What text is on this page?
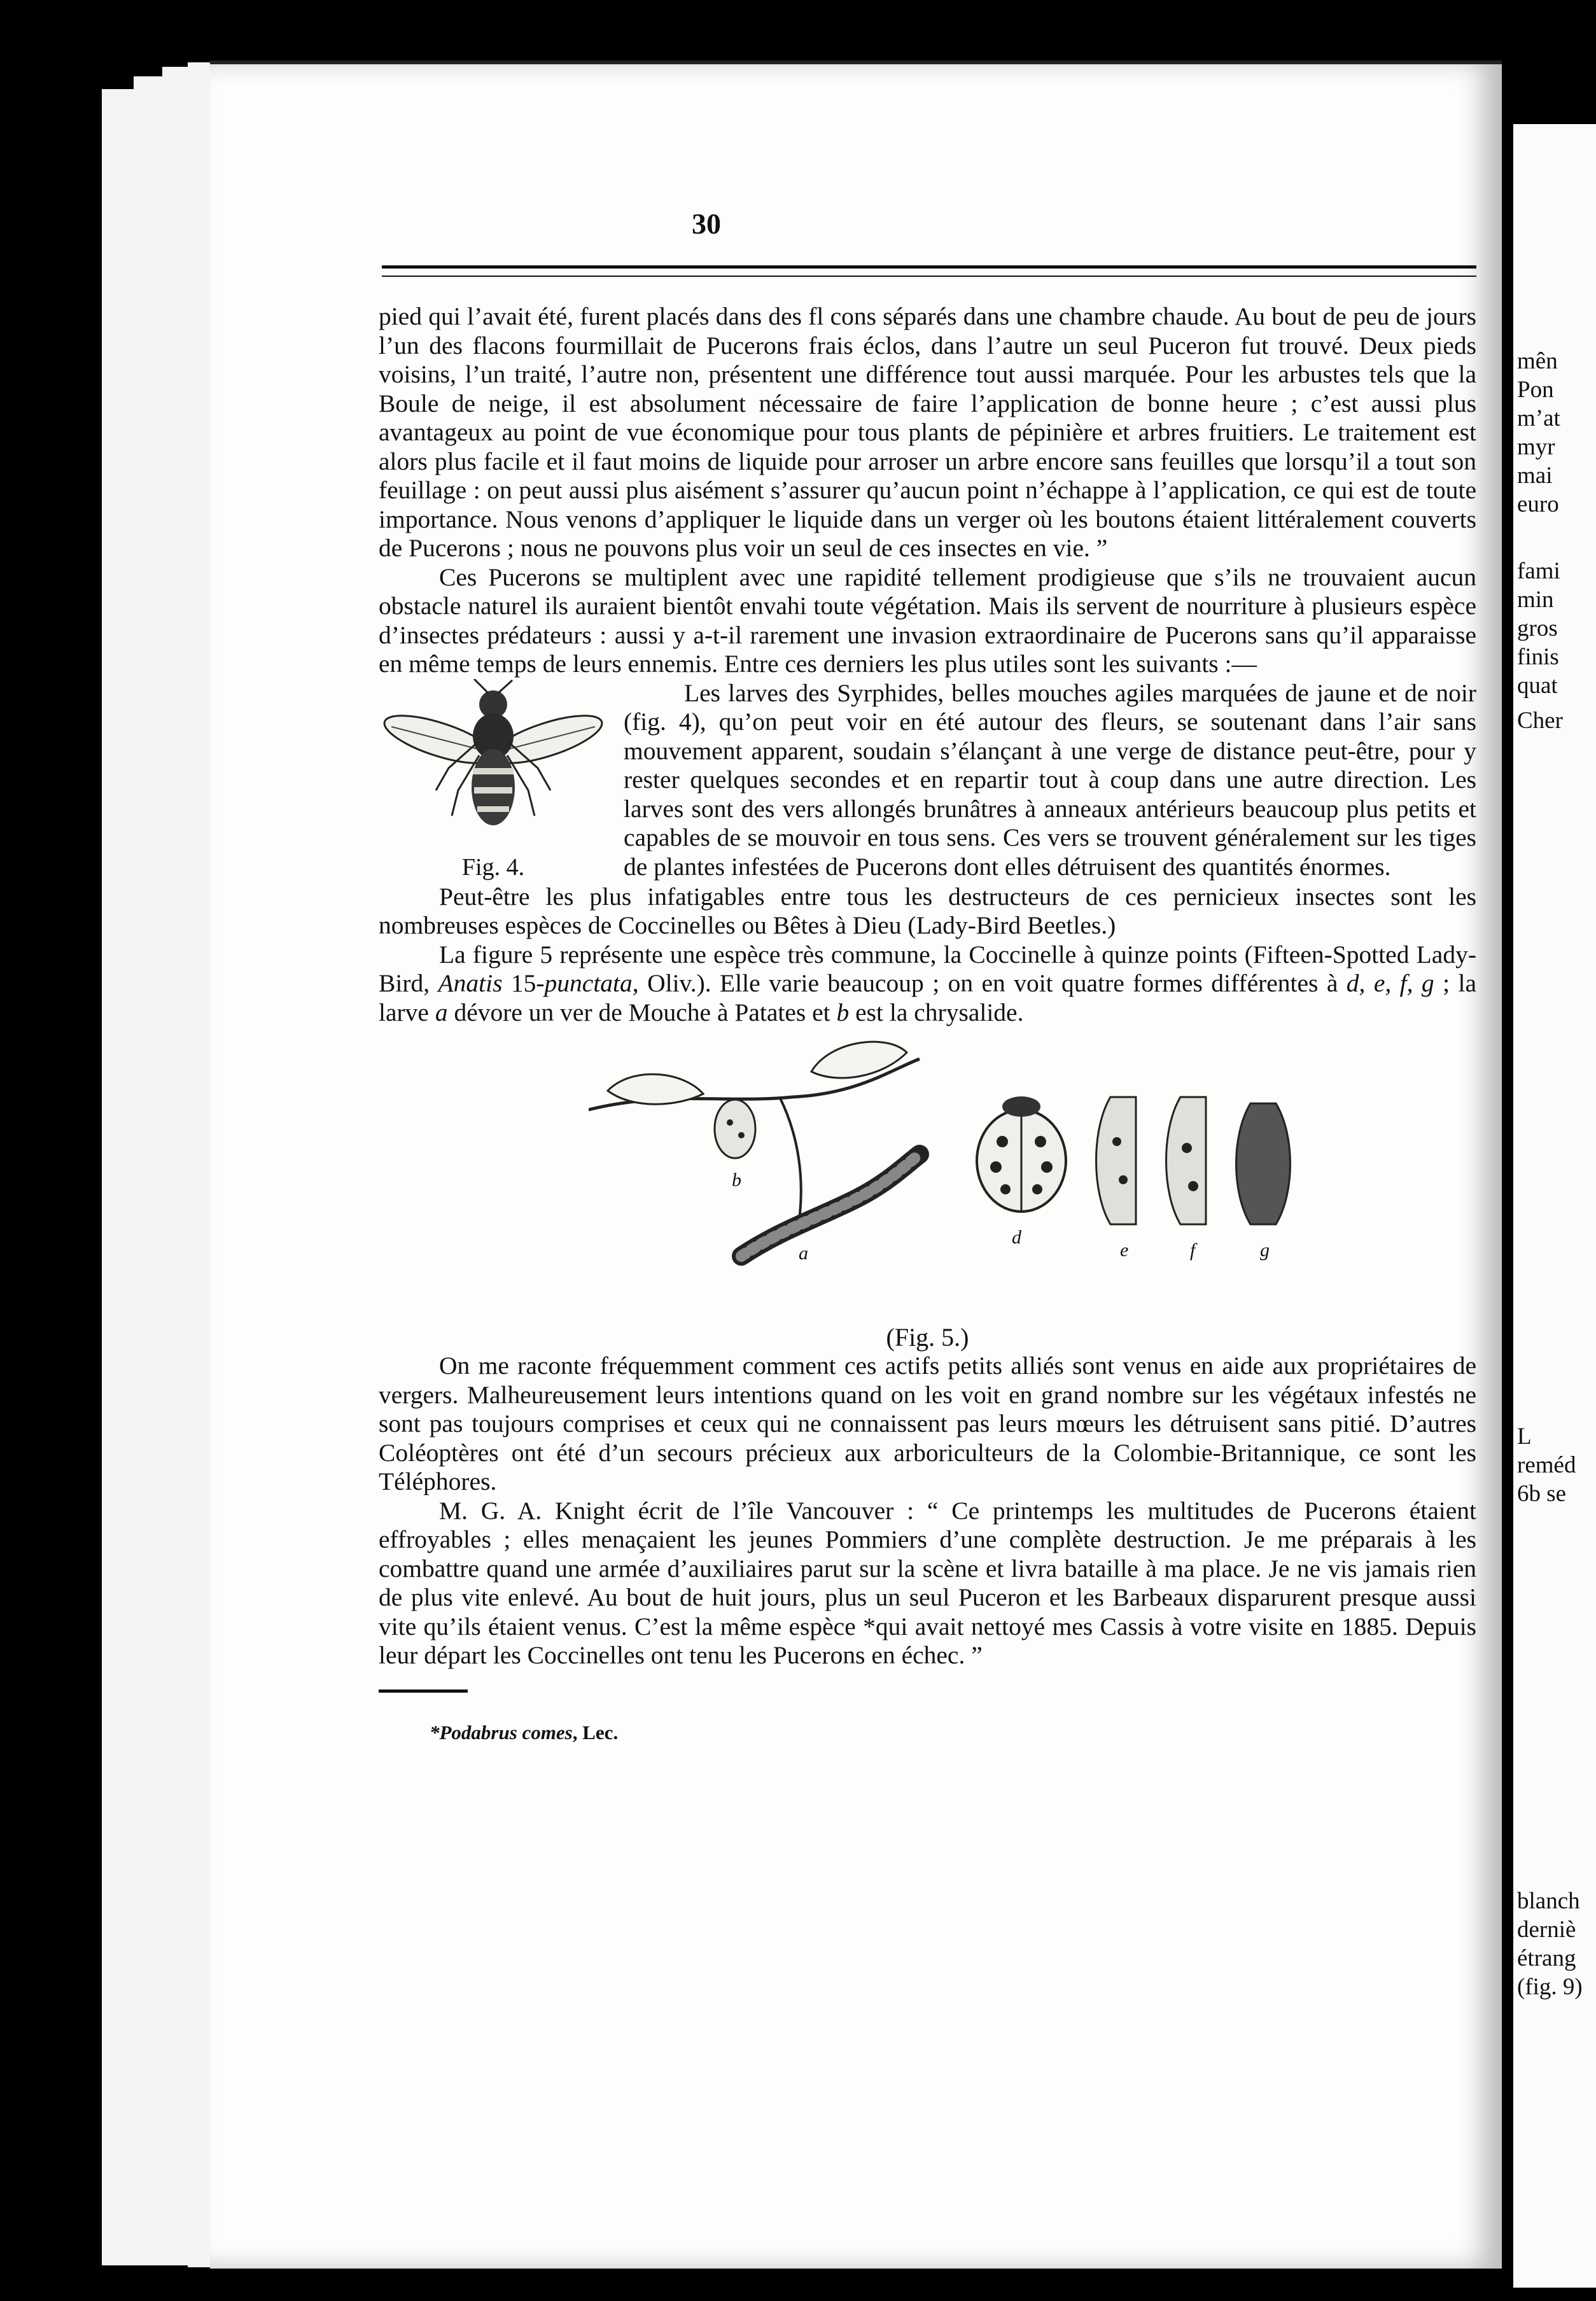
30

pied qui l’avait été, furent placés dans des fl cons séparés dans une chambre chaude. Au bout de peu de jours l’un des flacons fourmillait de Pucerons frais éclos, dans l’autre un seul Puceron fut trouvé. Deux pieds voisins, l’un traité, l’autre non, présentent une différence tout aussi marquée. Pour les arbustes tels que la Boule de neige, il est absolument nécessaire de faire l’application de bonne heure ; c’est aussi plus avantageux au point de vue économique pour tous plants de pépinière et arbres fruitiers. Le traitement est alors plus facile et il faut moins de liquide pour arroser un arbre encore sans feuilles que lorsqu’il a tout son feuillage : on peut aussi plus aisément s’assurer qu’aucun point n’échappe à l’application, ce qui est de toute importance. Nous venons d’appliquer le liquide dans un verger où les boutons étaient littéralement couverts de Pucerons ; nous ne pouvons plus voir un seul de ces insectes en vie. ”

Ces Pucerons se multiplent avec une rapidité tellement prodigieuse que s’ils ne trouvaient aucun obstacle naturel ils auraient bientôt envahi toute végétation. Mais ils servent de nourriture à plusieurs espèce d’insectes prédateurs : aussi y a-t-il rarement une invasion extraordinaire de Pucerons sans qu’il apparaisse en même temps de leurs ennemis. Entre ces derniers les plus utiles sont les suivants :—

Fig. 4.

Les larves des Syrphides, belles mouches agiles marquées de jaune et de noir (fig. 4), qu’on peut voir en été autour des fleurs, se soutenant dans l’air sans mouvement apparent, soudain s’élançant à une verge de distance peut-être, pour y rester quelques secondes et en repartir tout à coup dans une autre direction. Les larves sont des vers allongés brunâtres à anneaux antérieurs beaucoup plus petits et capables de se mouvoir en tous sens. Ces vers se trouvent généralement sur les tiges de plantes infestées de Pucerons dont elles détruisent des quantités énormes.

Peut-être les plus infatigables entre tous les destructeurs de ces pernicieux insectes sont les nombreuses espèces de Coccinelles ou Bêtes à Dieu (Lady-Bird Beetles.)

La figure 5 représente une espèce très commune, la Coccinelle à quinze points (Fifteen-Spotted Lady-Bird, Anatis 15-punctata, Oliv.). Elle varie beaucoup ; on en voit quatre formes différentes à d, e, f, g ; la larve a dévore un ver de Mouche à Patates et b est la chrysalide.

b
a
d
e	f	g
(Fig. 5.)

On me raconte fréquemment comment ces actifs petits alliés sont venus en aide aux propriétaires de vergers. Malheureusement leurs intentions quand on les voit en grand nombre sur les végétaux infestés ne sont pas toujours comprises et ceux qui ne connaissent pas leurs mœurs les détruisent sans pitié. D’autres Coléoptères ont été d’un secours précieux aux arboriculteurs de la Colombie-Britannique, ce sont les Téléphores.

M. G. A. Knight écrit de l’île Vancouver : “ Ce printemps les multitudes de Pucerons étaient effroyables ; elles menaçaient les jeunes Pommiers d’une complète destruction. Je me préparais à les combattre quand une armée d’auxiliaires parut sur la scène et livra bataille à ma place. Je ne vis jamais rien de plus vite enlevé. Au bout de huit jours, plus un seul Puceron et les Barbeaux disparurent presque aussi vite qu’ils étaient venus. C’est la même espèce *qui avait nettoyé mes Cassis à votre visite en 1885. Depuis leur départ les Coccinelles ont tenu les Pucerons en échec. ”

*Podabrus comes, Lec.
mên
Pon
m’at
myr
mai
euro
fami
min
gros
finis
quat
Cher
L
reméd
6b se
blanch
derniè
étrang
(fig. 9)
